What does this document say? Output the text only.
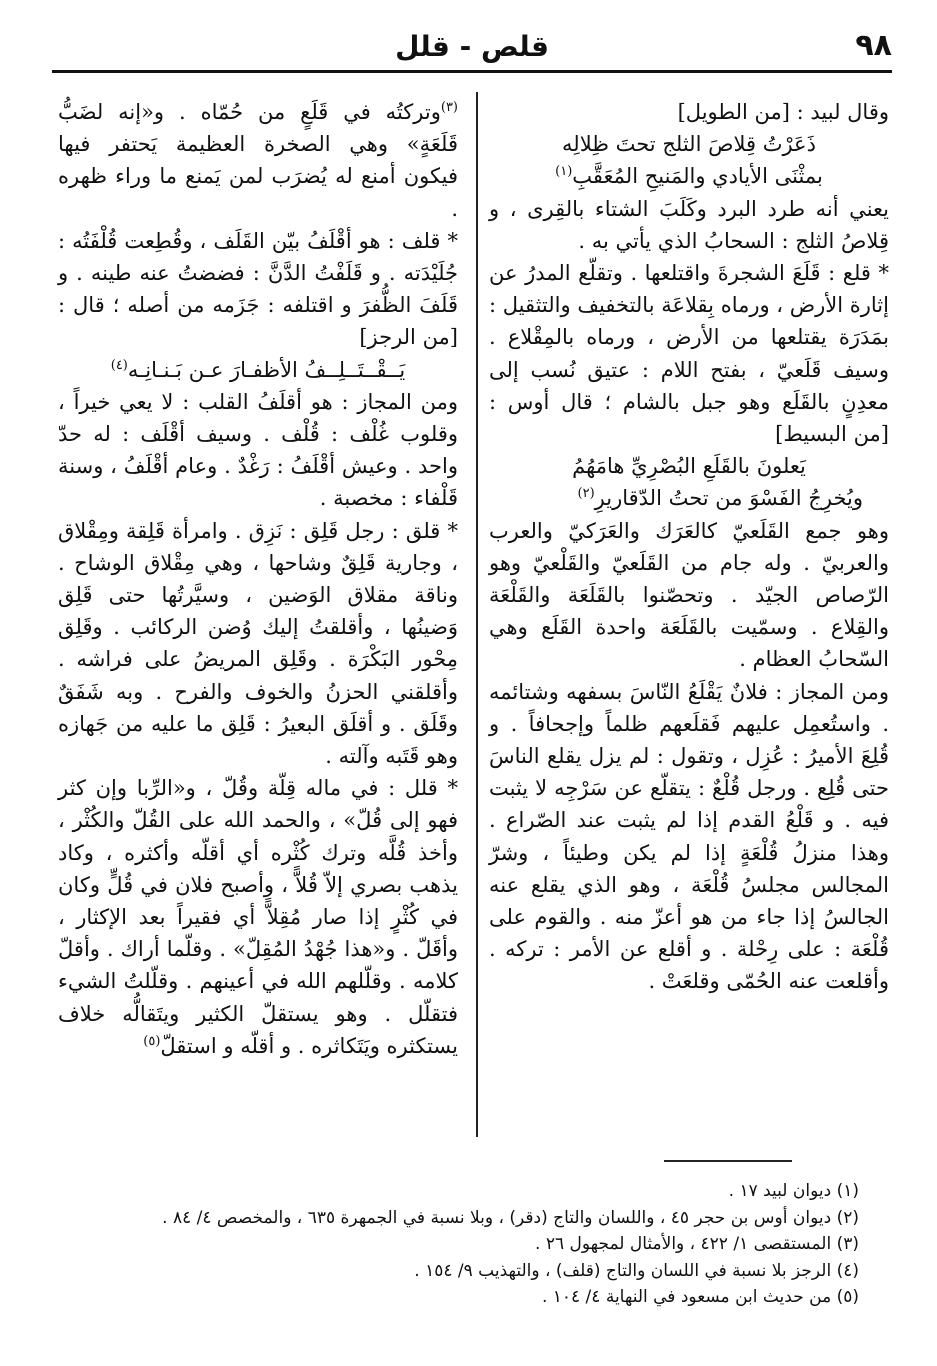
٩٨
قلص - قلل

وقال لبيد : [من الطويل]

ذَعَرْتُ قِلاصَ الثلج تحتَ ظِلالِه

بمثْنَى الأيادي والمَنيحِ المُعَقَّبِ$^{(١)}$

يعني أنه طرد البرد وكَلَبَ الشتاء بالقِرى ، و قِلاصُ الثلج : السحابُ الذي يأتي به .

* قلع : قَلَعَ الشجرةَ واقتلعها . وتقلّع المدرُ عن إثارة الأرض ، ورماه بِقلاعَة بالتخفيف والتثقيل : بمَدَرَة يقتلعها من الأرض ، ورماه بالمِقْلاع . وسيف قَلَعيّ ، بفتح اللام : عتيق نُسب إلى معدِنٍ بالقَلَع وهو جبل بالشام ؛ قال أوس : [من البسيط]

يَعلونَ بالقَلَعِ البُصْرِيِّ هامَهُمُ

ويُخرِجُ الفَسْوَ من تحتُ الدّقاريرِ$^{(٢)}$

وهو جمع القَلَعيّ كالعَرَك والعَرَكيّ والعرب والعربيّ . وله جام من القَلَعيّ والقَلْعيّ وهو الرّصاص الجيّد . وتحصّنوا بالقَلَعَة والقَلْعَة والقِلاع . وسمّيت بالقَلَعَة واحدة القَلَع وهي السّحابُ العظام .

ومن المجاز : فلانٌ يَقْلَعُ النّاسَ بسفهه وشتائمه . واستُعمِل عليهم فَقلَعهم ظلماً وإجحافاً . و قُلِعَ الأميرُ : عُزِل ، وتقول : لم يزل يقلع الناسَ حتى قُلِع . ورجل قُلْعٌ : يتقلّع عن سَرْجِه لا يثبت فيه . و قَلْعُ القدم إذا لم يثبت عند الصّراع . وهذا منزلُ قُلْعَةٍ إذا لم يكن وطيئاً ، وشرّ المجالس مجلسُ قُلْعَة ، وهو الذي يقلع عنه الجالسُ إذا جاء من هو أعزّ منه . والقوم على قُلْعَة : على رِحْلة . و أقلع عن الأمر : تركه . وأقلعت عنه الحُمّى وقلعَتْ .

$^{(٣)}$وتركتُه في قَلَعٍ من حُمّاه . و«إنه لضَبُّ قَلَعَةٍ» وهي الصخرة العظيمة يَحتفر فيها فيكون أمنع له يُضرَب لمن يَمنع ما وراء ظهره .

* قلف : هو أقْلَفُ بيّن القَلَف ، وقُطِعت قُلْفَتُه : جُلَيْدَته . و قَلَفْتُ الدَّنَّ : فضضتُ عنه طينه . و قَلَفَ الظُّفرَ و اقتلفه : جَزَمه من أصله ؛ قال : [من الرجز]

يَــقْــتَــلِــفُ الأظفـارَ عـن بَـنـانِـه$^{(٤)}$

ومن المجاز : هو أقلَفُ القلب : لا يعي خيراً ، وقلوب غُلْف : قُلْف . وسيف أقْلَف : له حدّ واحد . وعيش أقْلَفُ : رَغْدٌ . وعام أقْلَفُ ، وسنة قَلْفاء : مخصبة .

* قلق : رجل قَلِق : نَزِق . وامرأة قَلِقة ومِقْلاق ، وجارية قَلِقٌ وشاحها ، وهي مِقْلاق الوشاح . وناقة مقلاق الوَضين ، وسيَّرتُها حتى قَلِق وَضينُها ، وأقلقتُ إليك وُضن الركائب . وقَلِق مِحْور البَكْرَة . وقَلِق المريضُ على فراشه . وأقلقني الحزنُ والخوف والفرح . وبه شَفَقٌ وقَلَق . و أقلَق البعيرُ : قَلِق ما عليه من جَهازه وهو قَتَبه وآلته .

* قلل : في ماله قِلّة وقُلّ ، و«الرِّبا وإن كثر فهو إلى قُلّ» ، والحمد الله على القُلّ والكُثْر ، وأخذ قُلَّه وترك كُثْره أي أقلّه وأكثره ، وكاد يذهب بصري إلاّ قُلاًّ ، وأصبح فلان في قُلٍّ وكان في كُثْرٍ إذا صار مُقِلاًّ أي فقيراً بعد الإكثار ، وأقَلّ . و«هذا جُهْدُ المُقِلّ» . وقلّما أراك . وأقلّ كلامه . وقلّلهم الله في أعينهم . وقلّلتُ الشيء فتقلّل . وهو يستقلّ الكثير ويتَقالُّه خلاف يستكثره ويَتَكاثره . و أقلّه و استقلّ$^{(٥)}$

(١) ديوان لبيد ١٧ .

(٢) ديوان أوس بن حجر ٤٥ ، واللسان والتاج (دقر) ، وبلا نسبة في الجمهرة ٦٣٥ ، والمخصص ٤/ ٨٤ .

(٣) المستقصى ١/ ٤٢٢ ، والأمثال لمجهول ٢٦ .

(٤) الرجز بلا نسبة في اللسان والتاج (قلف) ، والتهذيب ٩/ ١٥٤ .

(٥) من حديث ابن مسعود في النهاية ٤/ ١٠٤ .
